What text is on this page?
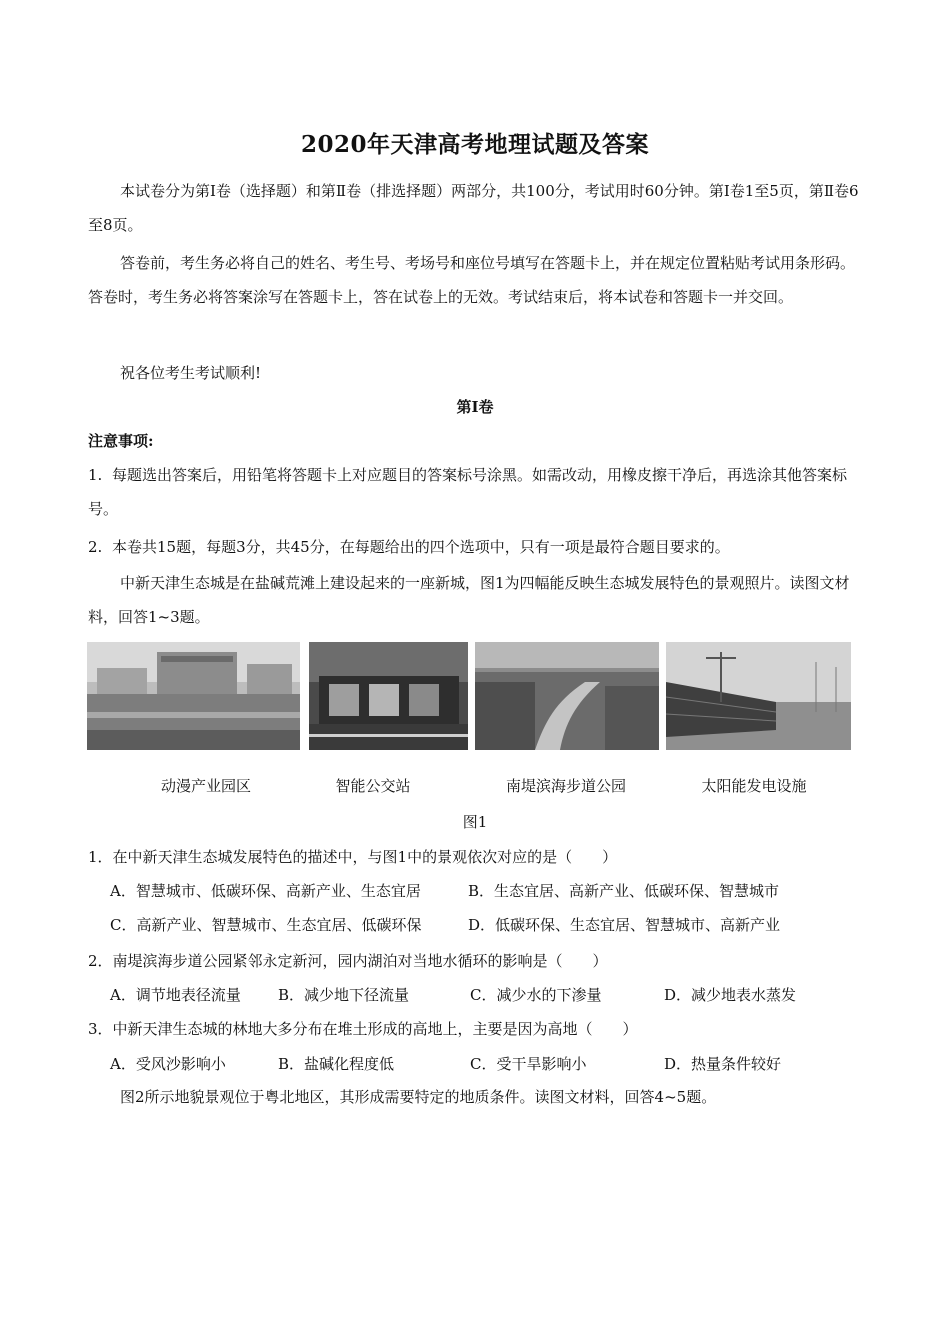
2020年天津高考地理试题及答案
本试卷分为第Ⅰ卷（选择题）和第Ⅱ卷（排选择题）两部分，共100分，考试用时60分钟。第Ⅰ卷1至5页，第Ⅱ卷6至8页。
答卷前，考生务必将自己的姓名、考生号、考场号和座位号填写在答题卡上，并在规定位置粘贴考试用条形码。答卷时，考生务必将答案涂写在答题卡上，答在试卷上的无效。考试结束后，将本试卷和答题卡一并交回。
祝各位考生考试顺利!
第Ⅰ卷
注意事项:
1. 每题选出答案后，用铅笔将答题卡上对应题目的答案标号涂黑。如需改动，用橡皮擦干净后，再选涂其他答案标号。
2. 本卷共15题，每题3分，共45分，在每题给出的四个选项中，只有一项是最符合题目要求的。
中新天津生态城是在盐碱荒滩上建设起来的一座新城，图1为四幅能反映生态城发展特色的景观照片。读图文材料，回答1~3题。
动漫产业园区	智能公交站	南堤滨海步道公园	太阳能发电设施
图1
1．在中新天津生态城发展特色的描述中，与图1中的景观依次对应的是（　　）
A．智慧城市、低碳环保、高新产业、生态宜居	B．生态宜居、高新产业、低碳环保、智慧城市
C．高新产业、智慧城市、生态宜居、低碳环保	D．低碳环保、生态宜居、智慧城市、高新产业
2．南堤滨海步道公园紧邻永定新河，园内湖泊对当地水循环的影响是（　　）
A．调节地表径流量 B．减少地下径流量	C．减少水的下渗量	D．减少地表水蒸发
3．中新天津生态城的林地大多分布在堆土形成的高地上，主要是因为高地（　　）
A．受风沙影响小	B．盐碱化程度低	C．受干旱影响小	D．热量条件较好
图2所示地貌景观位于粤北地区，其形成需要特定的地质条件。读图文材料，回答4~5题。
